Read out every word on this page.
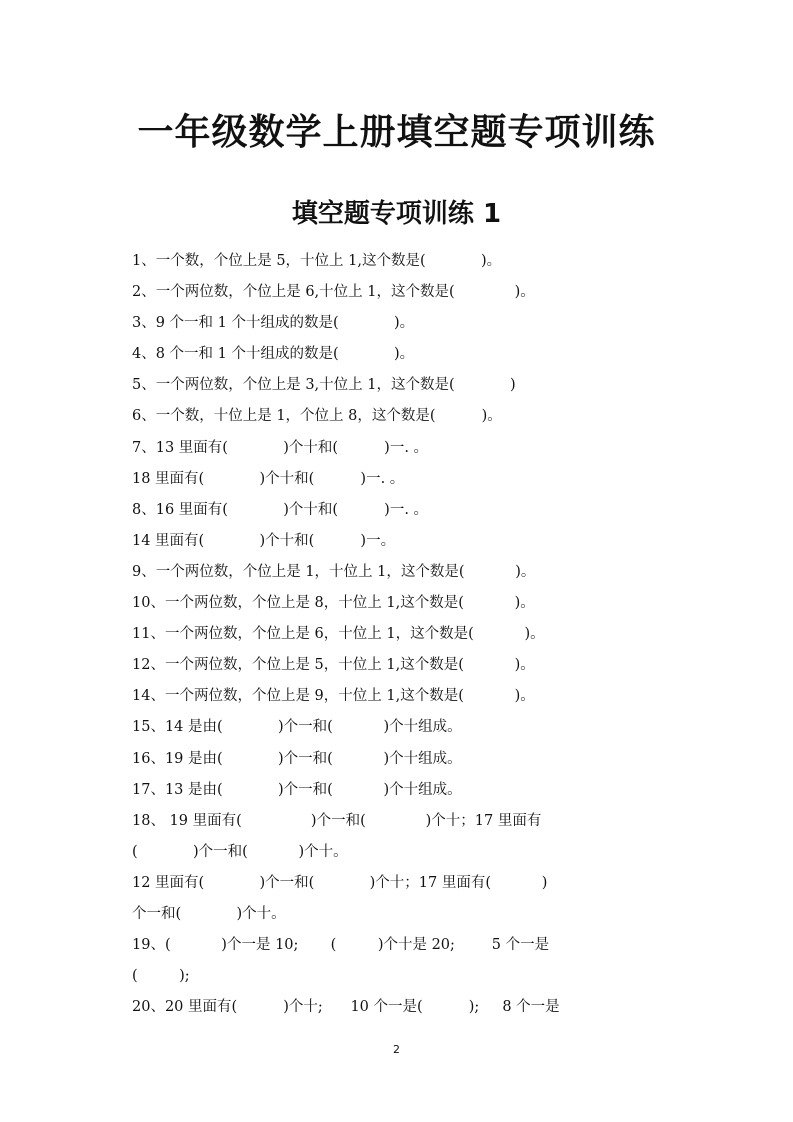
一年级数学上册填空题专项训练
填空题专项训练 1
1、一个数，个位上是 5，十位上 1,这个数是(            )。
2、一个两位数，个位上是 6,十位上 1，这个数是(             )。
3、9 个一和 1 个十组成的数是(            )。
4、8 个一和 1 个十组成的数是(            )。
5、一个两位数，个位上是 3,十位上 1，这个数是(            )
6、一个数，十位上是 1，个位上 8，这个数是(          )。
7、13 里面有(            )个十和(          )一. 。
18 里面有(            )个十和(          )一. 。
8、16 里面有(            )个十和(          )一. 。
14 里面有(            )个十和(          )一。
9、一个两位数，个位上是 1，十位上 1，这个数是(           )。
10、一个两位数，个位上是 8，十位上 1,这个数是(           )。
11、一个两位数，个位上是 6，十位上 1，这个数是(           )。
12、一个两位数，个位上是 5，十位上 1,这个数是(           )。
14、一个两位数，个位上是 9，十位上 1,这个数是(           )。
15、14 是由(            )个一和(           )个十组成。
16、19 是由(            )个一和(           )个十组成。
17、13 是由(            )个一和(           )个十组成。
18、 19 里面有(               )个一和(             )个十；17 里面有
(            )个一和(           )个十。
12 里面有(            )个一和(            )个十；17 里面有(           )
个一和(            )个十。
19、(           )个一是 10;       (         )个十是 20;        5 个一是
(         );
20、20 里面有(          )个十;      10 个一是(          );     8 个一是
2
